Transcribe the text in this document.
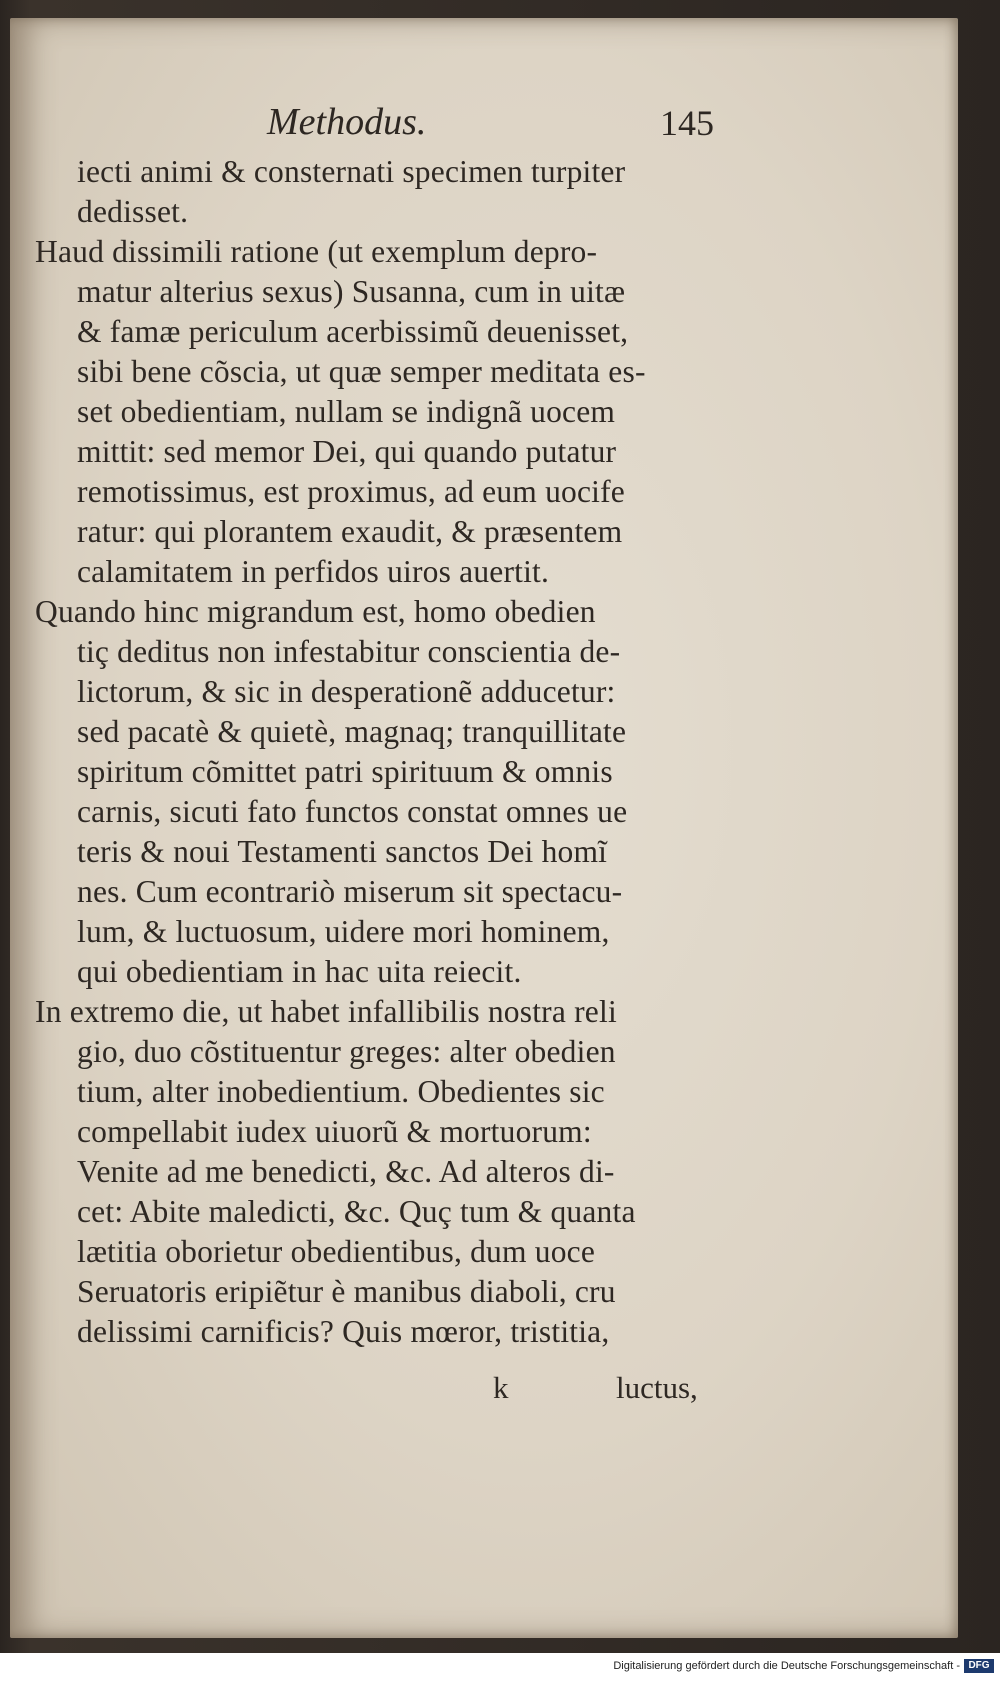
Methodus.	145
iecti animi & consternati specimen turpiter
dedisset.
Haud dissimili ratione (ut exemplum depro-
matur alterius sexus) Susanna, cum in uitæ
& famæ periculum acerbissimũ deuenisset,
sibi bene cõscia, ut quæ semper meditata es-
set obedientiam, nullam se indignã uocem
mittit: sed memor Dei, qui quando putatur
remotissimus, est proximus, ad eum uocife
ratur: qui plorantem exaudit, & præsentem
calamitatem in perfidos uiros auertit.
Quando hinc migrandum est, homo obedien
tiç deditus non infestabitur conscientia de-
lictorum, & sic in desperationẽ adducetur:
sed pacatè & quietè, magnaq; tranquillitate
spiritum cõmittet patri spirituum & omnis
carnis, sicuti fato functos constat omnes ue
teris & noui Testamenti sanctos Dei homĩ
nes. Cum econtrariò miserum sit spectacu-
lum, & luctuosum, uidere mori hominem,
qui obedientiam in hac uita reiecit.
In extremo die, ut habet infallibilis nostra reli
gio, duo cõstituentur greges: alter obedien
tium, alter inobedientium. Obedientes sic
compellabit iudex uiuorũ & mortuorum:
Venite ad me benedicti, &c. Ad alteros di-
cet: Abite maledicti, &c. Quç tum & quanta
lætitia oborietur obedientibus, dum uoce
Seruatoris eripiẽtur è manibus diaboli, cru
delissimi carnificis? Quis mœror, tristitia,
k	luctus,
Digitalisierung gefördert durch die Deutsche Forschungsgemeinschaft - DFG
